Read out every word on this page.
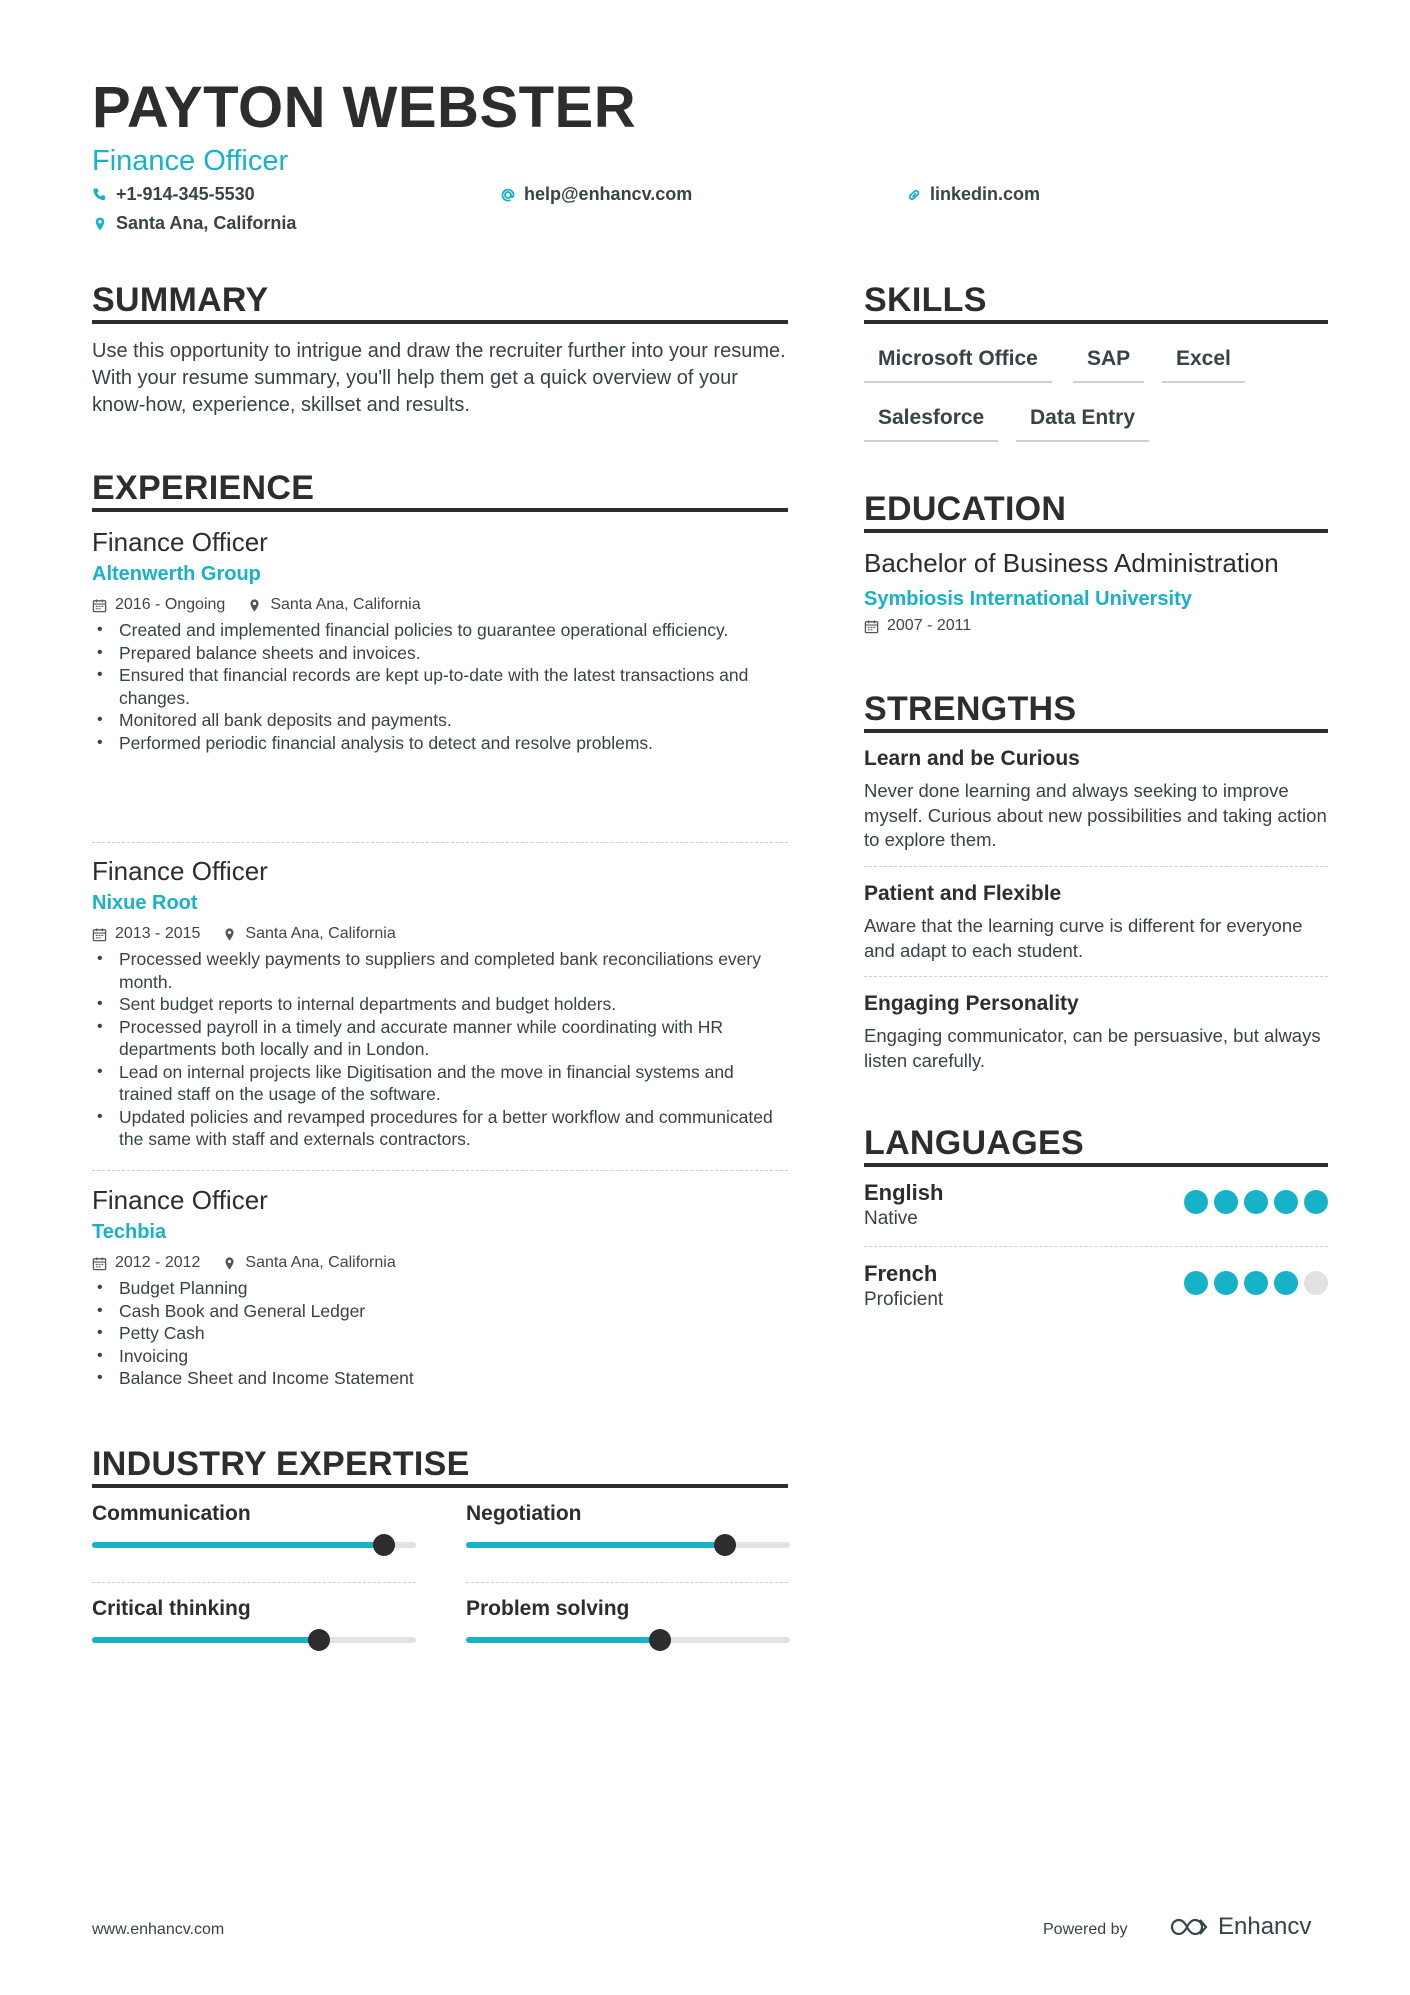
PAYTON WEBSTER
Finance Officer
+1-914-345-5530	help@enhancv.com	linkedin.com
Santa Ana, California
SUMMARY
Use this opportunity to intrigue and draw the recruiter further into your resume. With your resume summary, you'll help them get a quick overview of your know-how, experience, skillset and results.
EXPERIENCE
Finance Officer
Altenwerth Group
2016 - Ongoing	Santa Ana, California
• Created and implemented financial policies to guarantee operational efficiency.
• Prepared balance sheets and invoices.
• Ensured that financial records are kept up-to-date with the latest transactions and changes.
• Monitored all bank deposits and payments.
• Performed periodic financial analysis to detect and resolve problems.
Finance Officer
Nixue Root
2013 - 2015	Santa Ana, California
• Processed weekly payments to suppliers and completed bank reconciliations every month.
• Sent budget reports to internal departments and budget holders.
• Processed payroll in a timely and accurate manner while coordinating with HR departments both locally and in London.
• Lead on internal projects like Digitisation and the move in financial systems and trained staff on the usage of the software.
• Updated policies and revamped procedures for a better workflow and communicated the same with staff and externals contractors.
Finance Officer
Techbia
2012 - 2012	Santa Ana, California
• Budget Planning
• Cash Book and General Ledger
• Petty Cash
• Invoicing
• Balance Sheet and Income Statement
INDUSTRY EXPERTISE
Communication	Negotiation
Critical thinking	Problem solving
SKILLS
Microsoft Office	SAP	Excel
Salesforce	Data Entry
EDUCATION
Bachelor of Business Administration
Symbiosis International University
2007 - 2011
STRENGTHS
Learn and be Curious

Never done learning and always seeking to improve myself. Curious about new possibilities and taking action to explore them.

Patient and Flexible

Aware that the learning curve is different for everyone and adapt to each student.

Engaging Personality

Engaging communicator, can be persuasive, but always listen carefully.

LANGUAGES
English
Native
French
Proficient
www.enhancv.com	Powered by	Enhancv
